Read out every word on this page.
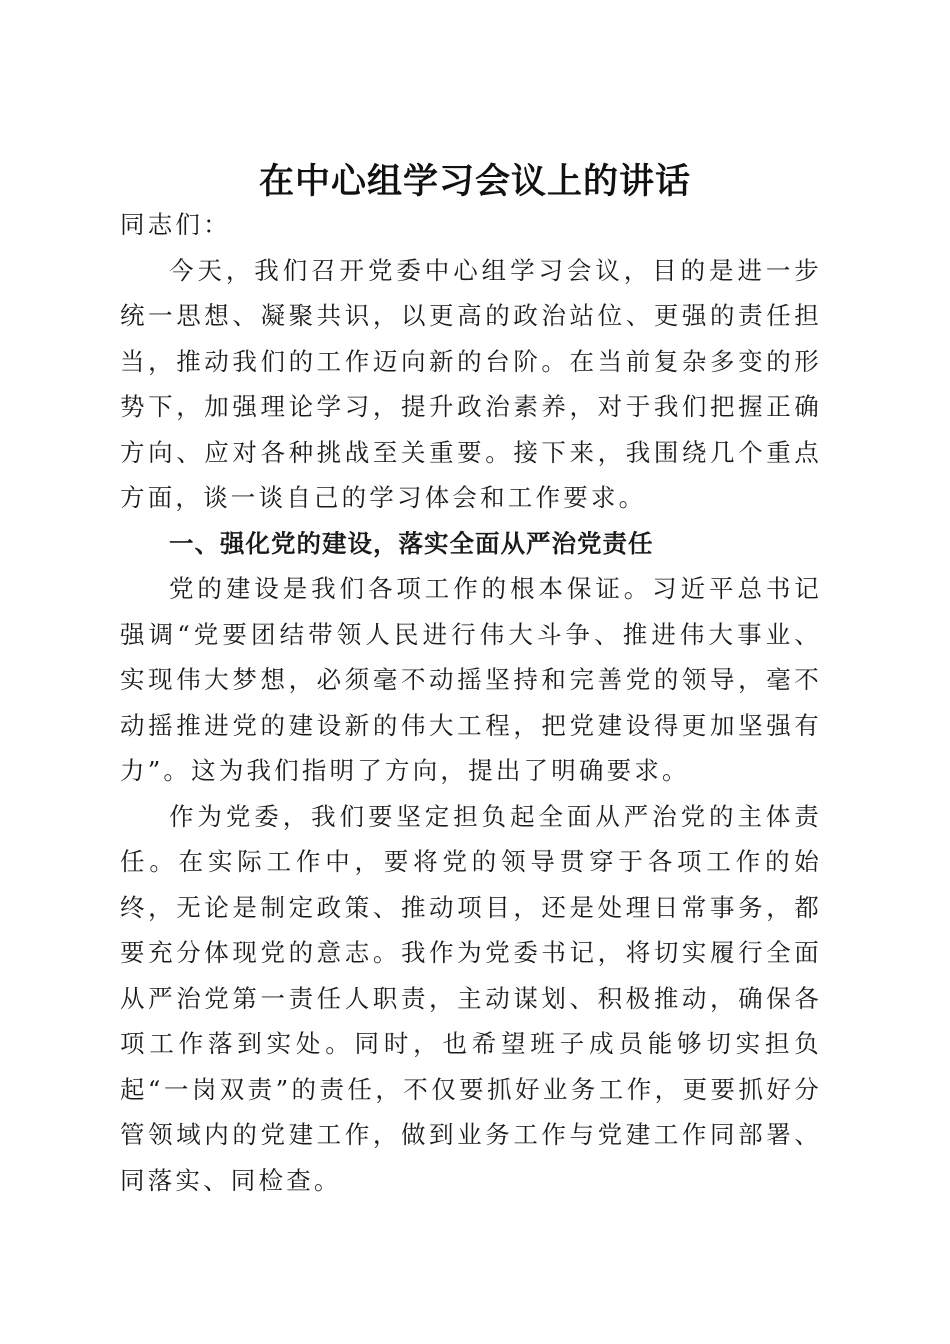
在中心组学习会议上的讲话

同志们：

今天，我们召开党委中心组学习会议，目的是进一步统一思想、凝聚共识，以更高的政治站位、更强的责任担当，推动我们的工作迈向新的台阶。在当前复杂多变的形势下，加强理论学习，提升政治素养，对于我们把握正确方向、应对各种挑战至关重要。接下来，我围绕几个重点方面，谈一谈自己的学习体会和工作要求。

一、强化党的建设，落实全面从严治党责任

党的建设是我们各项工作的根本保证。习近平总书记强调“党要团结带领人民进行伟大斗争、推进伟大事业、实现伟大梦想，必须毫不动摇坚持和完善党的领导，毫不动摇推进党的建设新的伟大工程，把党建设得更加坚强有力”。这为我们指明了方向，提出了明确要求。

作为党委，我们要坚定担负起全面从严治党的主体责任。在实际工作中，要将党的领导贯穿于各项工作的始终，无论是制定政策、推动项目，还是处理日常事务，都要充分体现党的意志。我作为党委书记，将切实履行全面从严治党第一责任人职责，主动谋划、积极推动，确保各项工作落到实处。同时，也希望班子成员能够切实担负起“一岗双责”的责任，不仅要抓好业务工作，更要抓好分管领域内的党建工作，做到业务工作与党建工作同部署、同落实、同检查。
